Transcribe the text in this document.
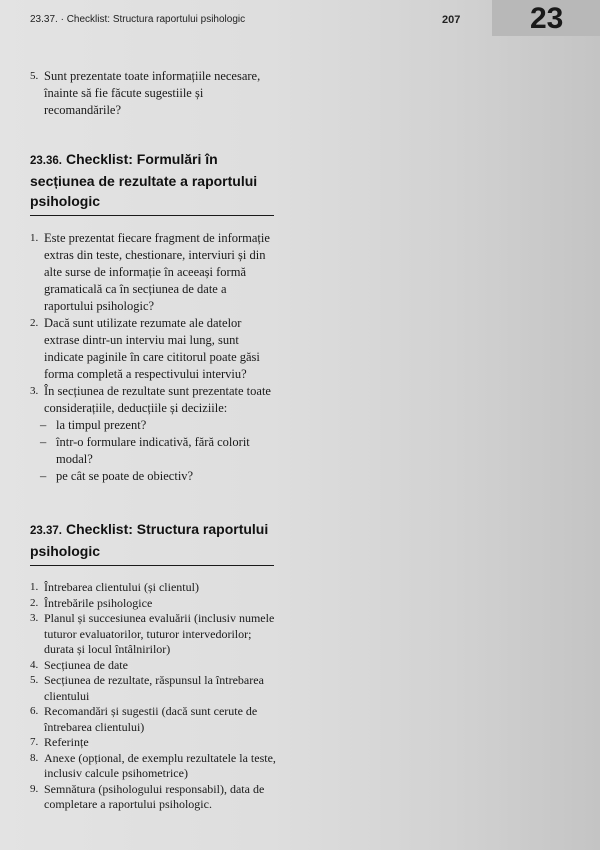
23.37. · Checklist: Structura raportului psihologic	207 23

5. Sunt prezentate toate informațiile necesare, înainte să fie făcute sugestiile și recomandările?

23.36. Checklist: Formulări în secțiunea de rezultate a raportului psihologic

1. Este prezentat fiecare fragment de informație extras din teste, chestionare, interviuri și din alte surse de informație în aceeași formă gramaticală ca în secțiunea de date a raportului psihologic?

2. Dacă sunt utilizate rezumate ale datelor extrase dintr-un interviu mai lung, sunt indicate paginile în care cititorul poate găsi forma completă a respectivului interviu?

3. În secțiunea de rezultate sunt prezentate toate considerațiile, deducțiile și deciziile:

– la timpul prezent?
– într-o formulare indicativă, fără colorit modal?
– pe cât se poate de obiectiv?
23.37. Checklist: Structura raportului psihologic

1. Întrebarea clientului (și clientul)

2. Întrebările psihologice

3. Planul și succesiunea evaluării (inclusiv numele tuturor evaluatorilor, tuturor intervedorilor; durata și locul întâlnirilor)

4. Secțiunea de date

5. Secțiunea de rezultate, răspunsul la întrebarea clientului

6. Recomandări și sugestii (dacă sunt cerute de întrebarea clientului)

7. Referințe

8. Anexe (opțional, de exemplu rezultatele la teste, inclusiv calcule psihometrice)

9. Semnătura (psihologului responsabil), data de completare a raportului psihologic.
